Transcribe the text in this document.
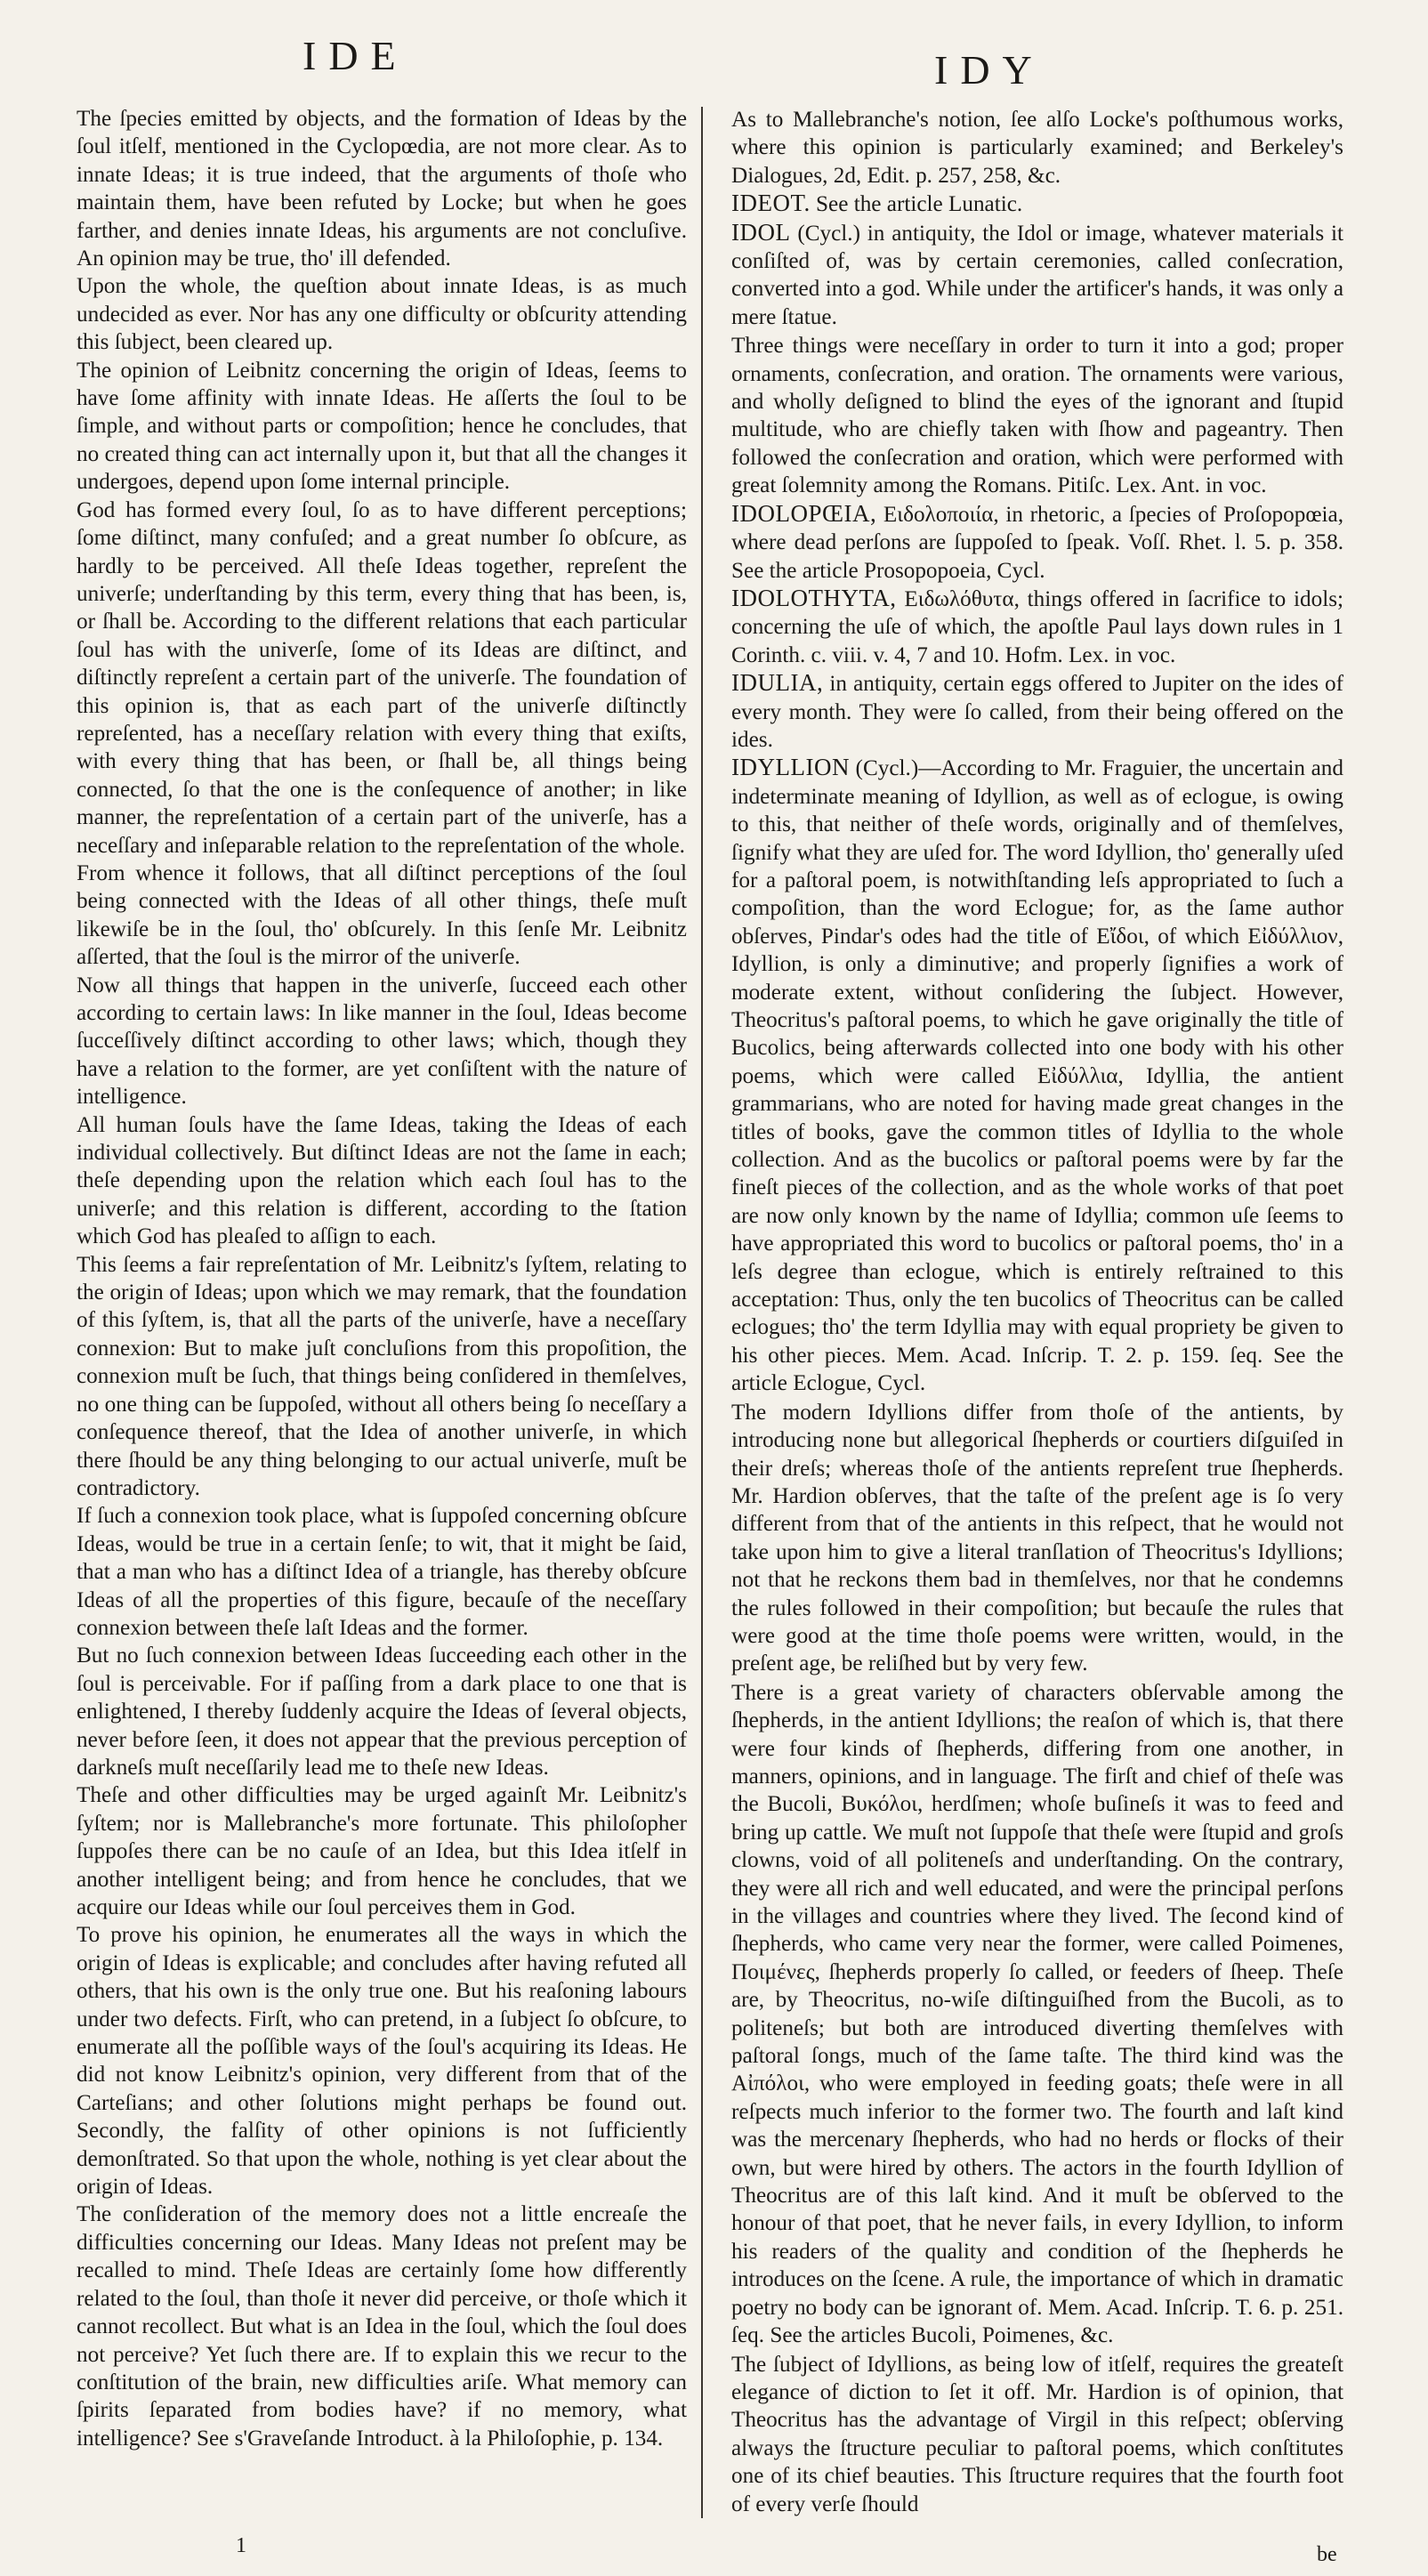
IDE	IDY

The ſpecies emitted by objects, and the formation of Ideas by the ſoul itſelf, mentioned in the Cyclopœdia, are not more clear. As to innate Ideas; it is true indeed, that the arguments of thoſe who maintain them, have been refuted by Locke; but when he goes farther, and denies innate Ideas, his arguments are not concluſive. An opinion may be true, tho' ill defended.

Upon the whole, the queſtion about innate Ideas, is as much undecided as ever. Nor has any one difficulty or obſcurity attending this ſubject, been cleared up.

The opinion of Leibnitz concerning the origin of Ideas, ſeems to have ſome affinity with innate Ideas. He aſſerts the ſoul to be ſimple, and without parts or compoſition; hence he concludes, that no created thing can act internally upon it, but that all the changes it undergoes, depend upon ſome internal principle.

God has formed every ſoul, ſo as to have different perceptions; ſome diſtinct, many confuſed; and a great number ſo obſcure, as hardly to be perceived. All theſe Ideas together, repreſent the univerſe; underſtanding by this term, every thing that has been, is, or ſhall be. According to the different relations that each particular ſoul has with the univerſe, ſome of its Ideas are diſtinct, and diſtinctly repreſent a certain part of the univerſe. The foundation of this opinion is, that as each part of the univerſe diſtinctly repreſented, has a neceſſary relation with every thing that exiſts, with every thing that has been, or ſhall be, all things being connected, ſo that the one is the conſequence of another; in like manner, the repreſentation of a certain part of the univerſe, has a neceſſary and inſeparable relation to the repreſentation of the whole.

From whence it follows, that all diſtinct perceptions of the ſoul being connected with the Ideas of all other things, theſe muſt likewiſe be in the ſoul, tho' obſcurely. In this ſenſe Mr. Leibnitz aſſerted, that the ſoul is the mirror of the univerſe.

Now all things that happen in the univerſe, ſucceed each other according to certain laws: In like manner in the ſoul, Ideas become ſucceſſively diſtinct according to other laws; which, though they have a relation to the former, are yet conſiſtent with the nature of intelligence.

All human ſouls have the ſame Ideas, taking the Ideas of each individual collectively. But diſtinct Ideas are not the ſame in each; theſe depending upon the relation which each ſoul has to the univerſe; and this relation is different, according to the ſtation which God has pleaſed to aſſign to each.

This ſeems a fair repreſentation of Mr. Leibnitz's ſyſtem, relating to the origin of Ideas; upon which we may remark, that the foundation of this ſyſtem, is, that all the parts of the univerſe, have a neceſſary connexion: But to make juſt concluſions from this propoſition, the connexion muſt be ſuch, that things being conſidered in themſelves, no one thing can be ſuppoſed, without all others being ſo neceſſary a conſequence thereof, that the Idea of another univerſe, in which there ſhould be any thing belonging to our actual univerſe, muſt be contradictory.

If ſuch a connexion took place, what is ſuppoſed concerning obſcure Ideas, would be true in a certain ſenſe; to wit, that it might be ſaid, that a man who has a diſtinct Idea of a triangle, has thereby obſcure Ideas of all the properties of this figure, becauſe of the neceſſary connexion between theſe laſt Ideas and the former.

But no ſuch connexion between Ideas ſucceeding each other in the ſoul is perceivable. For if paſſing from a dark place to one that is enlightened, I thereby ſuddenly acquire the Ideas of ſeveral objects, never before ſeen, it does not appear that the previous perception of darkneſs muſt neceſſarily lead me to theſe new Ideas.

Theſe and other difficulties may be urged againſt Mr. Leibnitz's ſyſtem; nor is Mallebranche's more fortunate. This philoſopher ſuppoſes there can be no cauſe of an Idea, but this Idea itſelf in another intelligent being; and from hence he concludes, that we acquire our Ideas while our ſoul perceives them in God.

To prove his opinion, he enumerates all the ways in which the origin of Ideas is explicable; and concludes after having refuted all others, that his own is the only true one. But his reaſoning labours under two defects. Firſt, who can pretend, in a ſubject ſo obſcure, to enumerate all the poſſible ways of the ſoul's acquiring its Ideas. He did not know Leibnitz's opinion, very different from that of the Carteſians; and other ſolutions might perhaps be found out. Secondly, the falſity of other opinions is not ſufficiently demonſtrated. So that upon the whole, nothing is yet clear about the origin of Ideas.

The conſideration of the memory does not a little encreaſe the difficulties concerning our Ideas. Many Ideas not preſent may be recalled to mind. Theſe Ideas are certainly ſome how differently related to the ſoul, than thoſe it never did perceive, or thoſe which it cannot recollect. But what is an Idea in the ſoul, which the ſoul does not perceive? Yet ſuch there are. If to explain this we recur to the conſtitution of the brain, new difficulties ariſe. What memory can ſpirits ſeparated from bodies have? if no memory, what intelligence? See s'Graveſande Introduct. à la Philoſophie, p. 134.

As to Mallebranche's notion, ſee alſo Locke's poſthumous works, where this opinion is particularly examined; and Berkeley's Dialogues, 2d, Edit. p. 257, 258, &c.

IDEOT. See the article Lunatic.

IDOL (Cycl.) in antiquity, the Idol or image, whatever materials it conſiſted of, was by certain ceremonies, called conſecration, converted into a god. While under the artificer's hands, it was only a mere ſtatue.

Three things were neceſſary in order to turn it into a god; proper ornaments, conſecration, and oration. The ornaments were various, and wholly deſigned to blind the eyes of the ignorant and ſtupid multitude, who are chiefly taken with ſhow and pageantry. Then followed the conſecration and oration, which were performed with great ſolemnity among the Romans. Pitiſc. Lex. Ant. in voc.

IDOLOPŒIA, Ειδολοποιία, in rhetoric, a ſpecies of Proſopopœia, where dead perſons are ſuppoſed to ſpeak. Voſſ. Rhet. l. 5. p. 358. See the article Prosopopoeia, Cycl.

IDOLOTHYTA, Ειδωλόθυτα, things offered in ſacrifice to idols; concerning the uſe of which, the apoſtle Paul lays down rules in 1 Corinth. c. viii. v. 4, 7 and 10. Hofm. Lex. in voc.

IDULIA, in antiquity, certain eggs offered to Jupiter on the ides of every month. They were ſo called, from their being offered on the ides.

IDYLLION (Cycl.)—According to Mr. Fraguier, the uncertain and indeterminate meaning of Idyllion, as well as of eclogue, is owing to this, that neither of theſe words, originally and of themſelves, ſignify what they are uſed for. The word Idyllion, tho' generally uſed for a paſtoral poem, is notwithſtanding leſs appropriated to ſuch a compoſition, than the word Eclogue; for, as the ſame author obſerves, Pindar's odes had the title of Εἴδοι, of which Εἰδύλλιον, Idyllion, is only a diminutive; and properly ſignifies a work of moderate extent, without conſidering the ſubject. However, Theocritus's paſtoral poems, to which he gave originally the title of Bucolics, being afterwards collected into one body with his other poems, which were called Εἰδύλλια, Idyllia, the antient grammarians, who are noted for having made great changes in the titles of books, gave the common titles of Idyllia to the whole collection. And as the bucolics or paſtoral poems were by far the fineſt pieces of the collection, and as the whole works of that poet are now only known by the name of Idyllia; common uſe ſeems to have appropriated this word to bucolics or paſtoral poems, tho' in a leſs degree than eclogue, which is entirely reſtrained to this acceptation: Thus, only the ten bucolics of Theocritus can be called eclogues; tho' the term Idyllia may with equal propriety be given to his other pieces. Mem. Acad. Inſcrip. T. 2. p. 159. ſeq. See the article Eclogue, Cycl.

The modern Idyllions differ from thoſe of the antients, by introducing none but allegorical ſhepherds or courtiers diſguiſed in their dreſs; whereas thoſe of the antients repreſent true ſhepherds. Mr. Hardion obſerves, that the taſte of the preſent age is ſo very different from that of the antients in this reſpect, that he would not take upon him to give a literal tranſlation of Theocritus's Idyllions; not that he reckons them bad in themſelves, nor that he condemns the rules followed in their compoſition; but becauſe the rules that were good at the time thoſe poems were written, would, in the preſent age, be reliſhed but by very few.

There is a great variety of characters obſervable among the ſhepherds, in the antient Idyllions; the reaſon of which is, that there were four kinds of ſhepherds, differing from one another, in manners, opinions, and in language. The firſt and chief of theſe was the Bucoli, Βυκόλοι, herdſmen; whoſe buſineſs it was to feed and bring up cattle. We muſt not ſuppoſe that theſe were ſtupid and groſs clowns, void of all politeneſs and underſtanding. On the contrary, they were all rich and well educated, and were the principal perſons in the villages and countries where they lived. The ſecond kind of ſhepherds, who came very near the former, were called Poimenes, Ποιμένες, ſhepherds properly ſo called, or feeders of ſheep. Theſe are, by Theocritus, no-wiſe diſtinguiſhed from the Bucoli, as to politeneſs; but both are introduced diverting themſelves with paſtoral ſongs, much of the ſame taſte. The third kind was the Αἰπόλοι, who were employed in feeding goats; theſe were in all reſpects much inferior to the former two. The fourth and laſt kind was the mercenary ſhepherds, who had no herds or flocks of their own, but were hired by others. The actors in the fourth Idyllion of Theocritus are of this laſt kind. And it muſt be obſerved to the honour of that poet, that he never fails, in every Idyllion, to inform his readers of the quality and condition of the ſhepherds he introduces on the ſcene. A rule, the importance of which in dramatic poetry no body can be ignorant of. Mem. Acad. Inſcrip. T. 6. p. 251. ſeq. See the articles Bucoli, Poimenes, &c.

The ſubject of Idyllions, as being low of itſelf, requires the greateſt elegance of diction to ſet it off. Mr. Hardion is of opinion, that Theocritus has the advantage of Virgil in this reſpect; obſerving always the ſtructure peculiar to paſtoral poems, which conſtitutes one of its chief beauties. This ſtructure requires that the fourth foot of every verſe ſhould

1	be
